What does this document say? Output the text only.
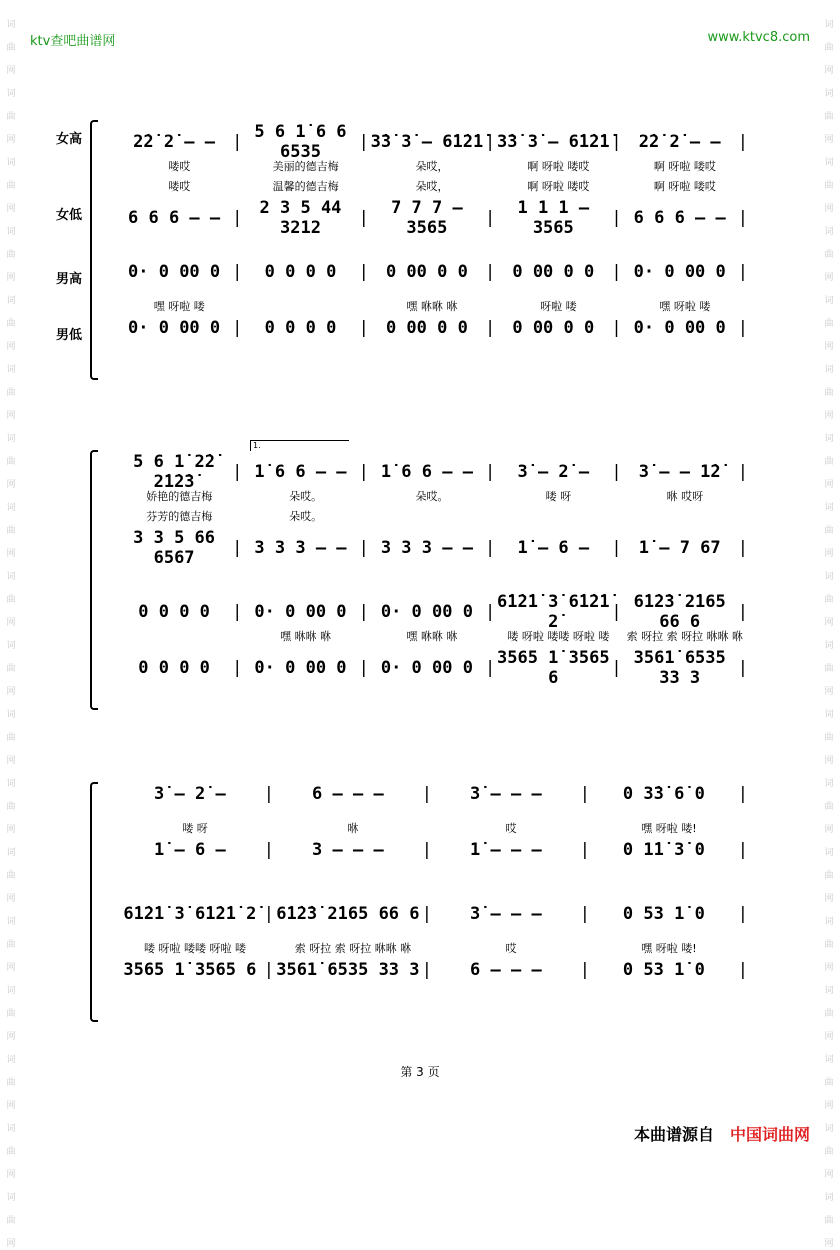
词
曲
网
词
曲
网
词
曲
网
词
曲
网
词
曲
网
词
曲
网
词
曲
网
词
曲
网
词
曲
网
词
曲
网
词
曲
网
词
曲
网
词
曲
网
词
曲
网
词
曲
网
词
曲
网
词
曲
网
词
曲
网
词
曲
网
词
曲
网
词
曲
网
词
曲
网
词
曲
网
词
曲
网
词
曲
网
词
曲
网
词
曲
网
词
曲
网
词
曲
网
词
曲
网
词
曲
网
词
曲
网
词
曲
网
词
曲
网
词
曲
网
词
曲
网
ktv查吧曲谱网	www.ktvc8.com
女高	2̇2̇ 2̇ – –	| 5 6 1̇ 6 6 6535	| 3̇3̇ 3̇ – 6̇1̇2̇1̇ | 3̇3̇ 3̇ – 6̇1̇2̇1̇ |	2̇2̇ 2̇ – –	|
喽哎	美丽的德吉梅	朵哎，	啊 呀啦 喽哎	啊 呀啦 喽哎
喽哎	温馨的德吉梅	朵哎，	啊 呀啦 喽哎	啊 呀啦 喽哎
女低	6 6 6 – – |	2 3 5 44 3212	|	7 7 7 – 3565	|	1 1 1 – 3565	| 6 6 6 – – |
男高	0· 0 00 0 |	0 0 0 0	|	0 00 0 0	|	0 00 0 0	| 0· 0 00 0 |
嘿 呀啦 喽	嘿 咻咻 咻	呀啦 喽	嘿 呀啦 喽
男低	0· 0 00 0 |	0 0 0 0	|	0 00 0 0	|	0 00 0 0	| 0· 0 00 0 |
1.
5 6 1̇ 2̇2̇ 2̇1̇2̇3̇	| 1̇ 6 6 – – | 1̇ 6 6 – – |	3̇ – 2̇ –	|	3̇ – – 1̇2̇	|
娇艳的德吉梅	朵哎。	朵哎。	喽 呀	咻 哎呀
芬芳的德吉梅	朵哎。
3 3 5 66 6567	| 3 3 3 – – | 3 3 3 – – |	1̇ – 6 –	|	1̇ – 7 67	|
0 0 0 0	| 0· 0 00 0 | 0· 0 00 0 | 6̇1̇2̇1̇ 3̇ 6̇1̇2̇1̇ 2̇	| 6̇1̇2̇3̇ 2̇165 66 6	|
嘿 咻咻 咻	嘿 咻咻 咻	喽 呀啦 喽喽 呀啦 喽	索 呀拉 索 呀拉 咻咻 咻
0 0 0 0	| 0· 0 00 0 | 0· 0 00 0 | 3565 1̇ 3565 6	| 3561̇ 6535 33 3	|
3̇ – 2̇ –	|	6 – – –	|	3̇ – – –	|	0 3̇3̇ 6̇ 0	|
喽 呀	咻	哎	嘿 呀啦 喽!
1̇ – 6 –	|	3 – – –	|	1̇ – – –	|	0 1̇1̇ 3̇ 0	|
6̇1̇2̇1̇ 3̇ 6̇1̇2̇1̇ 2̇ | 6̇1̇2̇3̇ 2̇165 66 6 |	3̇ – – –	|	0 53 1̇ 0	|
喽 呀啦 喽喽 呀啦 喽	索 呀拉 索 呀拉 咻咻 咻	哎	嘿 呀啦 喽!
3565 1̇ 3565 6 | 3561̇ 6535 33 3 |	6 – – –	|	0 53 1̇ 0	|
第 3 页
本曲谱源自 中国词曲网
